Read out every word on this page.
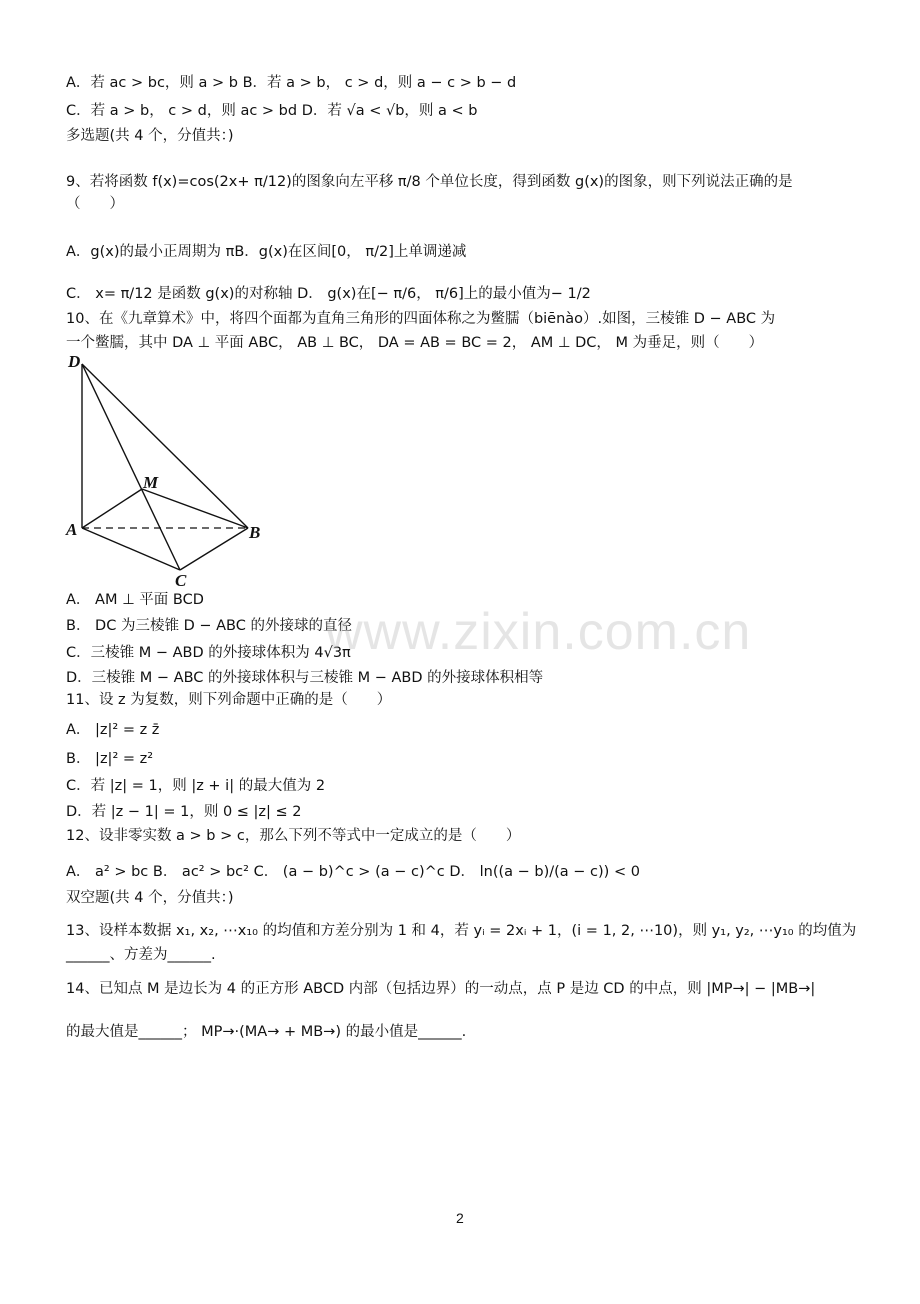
A．若 ac > bc，则 a > b B．若 a > b， c > d，则 a − c > b − d
C．若 a > b， c > d，则 ac > bd D．若 √a < √b，则 a < b
多选题(共 4 个，分值共：)
9、若将函数 f(x)=cos(2x+ π/12)的图象向左平移 π/8 个单位长度，得到函数 g(x)的图象，则下列说法正确的是
（　　）
A．g(x)的最小正周期为 πB．g(x)在区间[0， π/2]上单调递减
C． x= π/12 是函数 g(x)的对称轴 D． g(x)在[− π/6， π/6]上的最小值为− 1/2
10、在《九章算术》中，将四个面都为直角三角形的四面体称之为鳖臑（biēnào）.如图，三棱锥 D − ABC 为
一个鳖臑，其中 DA ⊥ 平面 ABC， AB ⊥ BC， DA = AB = BC = 2， AM ⊥ DC， M 为垂足，则（　　）
D
M
A	B
C
A． AM ⊥ 平面 BCD
B． DC 为三棱锥 D − ABC 的外接球的直径
C．三棱锥 M − ABD 的外接球体积为 4√3π
D．三棱锥 M − ABC 的外接球体积与三棱锥 M − ABD 的外接球体积相等
11、设 z 为复数，则下列命题中正确的是（　　）
A． |z|² = z z̄
B． |z|² = z²
C．若 |z| = 1，则 |z + i| 的最大值为 2
D．若 |z − 1| = 1，则 0 ≤ |z| ≤ 2
12、设非零实数 a > b > c，那么下列不等式中一定成立的是（　　）
A． a² > bc B． ac² > bc² C． (a − b)^c > (a − c)^c D． ln((a − b)/(a − c)) < 0
双空题(共 4 个，分值共：)
13、设样本数据 x₁, x₂, ⋯x₁₀ 的均值和方差分别为 1 和 4，若 yᵢ = 2xᵢ + 1，(i = 1, 2, ⋯10)，则 y₁, y₂, ⋯y₁₀ 的均值为
______、方差为______.
14、已知点 M 是边长为 4 的正方形 ABCD 内部（包括边界）的一动点，点 P 是边 CD 的中点，则 |MP→| − |MB→|
的最大值是______； MP→·(MA→ + MB→) 的最小值是______.
www.zixin.com.cn
2
